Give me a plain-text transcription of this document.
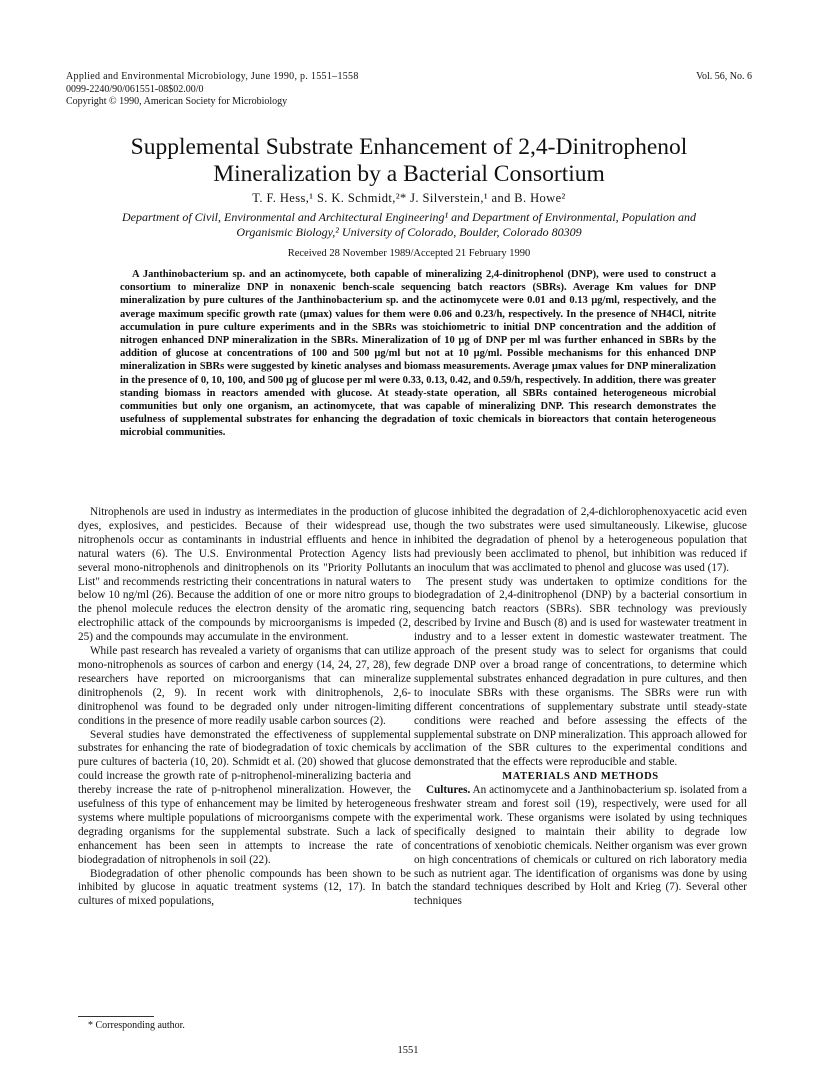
Applied and Environmental Microbiology, June 1990, p. 1551–1558
0099-2240/90/061551-08$02.00/0
Copyright © 1990, American Society for Microbiology
Vol. 56, No. 6
Supplemental Substrate Enhancement of 2,4-Dinitrophenol
Mineralization by a Bacterial Consortium
T. F. Hess,¹ S. K. Schmidt,²* J. Silverstein,¹ and B. Howe²
Department of Civil, Environmental and Architectural Engineering¹ and Department of Environmental, Population and
Organismic Biology,² University of Colorado, Boulder, Colorado 80309
Received 28 November 1989/Accepted 21 February 1990

A Janthinobacterium sp. and an actinomycete, both capable of mineralizing 2,4-dinitrophenol (DNP), were used to construct a consortium to mineralize DNP in nonaxenic bench-scale sequencing batch reactors (SBRs). Average Km values for DNP mineralization by pure cultures of the Janthinobacterium sp. and the actinomycete were 0.01 and 0.13 µg/ml, respectively, and the average maximum specific growth rate (µmax) values for them were 0.06 and 0.23/h, respectively. In the presence of NH4Cl, nitrite accumulation in pure culture experiments and in the SBRs was stoichiometric to initial DNP concentration and the addition of nitrogen enhanced DNP mineralization in the SBRs. Mineralization of 10 µg of DNP per ml was further enhanced in SBRs by the addition of glucose at concentrations of 100 and 500 µg/ml but not at 10 µg/ml. Possible mechanisms for this enhanced DNP mineralization in SBRs were suggested by kinetic analyses and biomass measurements. Average µmax values for DNP mineralization in the presence of 0, 10, 100, and 500 µg of glucose per ml were 0.33, 0.13, 0.42, and 0.59/h, respectively. In addition, there was greater standing biomass in reactors amended with glucose. At steady-state operation, all SBRs contained heterogeneous microbial communities but only one organism, an actinomycete, that was capable of mineralizing DNP. This research demonstrates the usefulness of supplemental substrates for enhancing the degradation of toxic chemicals in bioreactors that contain heterogeneous microbial communities.

Nitrophenols are used in industry as intermediates in the production of dyes, explosives, and pesticides. Because of their widespread use, nitrophenols occur as contaminants in industrial effluents and hence in natural waters (6). The U.S. Environmental Protection Agency lists several mono-nitrophenols and dinitrophenols on its "Priority Pollutants List" and recommends restricting their concentrations in natural waters to below 10 ng/ml (26). Because the addition of one or more nitro groups to the phenol molecule reduces the electron density of the aromatic ring, electrophilic attack of the compounds by microorganisms is impeded (2, 25) and the compounds may accumulate in the environment.

While past research has revealed a variety of organisms that can utilize mono-nitrophenols as sources of carbon and energy (14, 24, 27, 28), few researchers have reported on microorganisms that can mineralize dinitrophenols (2, 9). In recent work with dinitrophenols, 2,6-dinitrophenol was found to be degraded only under nitrogen-limiting conditions in the presence of more readily usable carbon sources (2).

Several studies have demonstrated the effectiveness of supplemental substrates for enhancing the rate of biodegradation of toxic chemicals by pure cultures of bacteria (10, 20). Schmidt et al. (20) showed that glucose could increase the growth rate of p-nitrophenol-mineralizing bacteria and thereby increase the rate of p-nitrophenol mineralization. However, the usefulness of this type of enhancement may be limited by heterogeneous systems where multiple populations of microorganisms compete with the degrading organisms for the supplemental substrate. Such a lack of enhancement has been seen in attempts to increase the rate of biodegradation of nitrophenols in soil (22).

Biodegradation of other phenolic compounds has been shown to be inhibited by glucose in aquatic treatment systems (12, 17). In batch cultures of mixed populations,

glucose inhibited the degradation of 2,4-dichlorophenoxyacetic acid even though the two substrates were used simultaneously. Likewise, glucose inhibited the degradation of phenol by a heterogeneous population that had previously been acclimated to phenol, but inhibition was reduced if an inoculum that was acclimated to phenol and glucose was used (17).

The present study was undertaken to optimize conditions for the biodegradation of 2,4-dinitrophenol (DNP) by a bacterial consortium in sequencing batch reactors (SBRs). SBR technology was previously described by Irvine and Busch (8) and is used for wastewater treatment in industry and to a lesser extent in domestic wastewater treatment. The approach of the present study was to select for organisms that could degrade DNP over a broad range of concentrations, to determine which supplemental substrates enhanced degradation in pure cultures, and then to inoculate SBRs with these organisms. The SBRs were run with different concentrations of supplementary substrate until steady-state conditions were reached and before assessing the effects of the supplemental substrate on DNP mineralization. This approach allowed for acclimation of the SBR cultures to the experimental conditions and demonstrated that the effects were reproducible and stable.

MATERIALS AND METHODS

Cultures. An actinomycete and a Janthinobacterium sp. isolated from a freshwater stream and forest soil (19), respectively, were used for all experimental work. These organisms were isolated by using techniques specifically designed to maintain their ability to degrade low concentrations of xenobiotic chemicals. Neither organism was ever grown on high concentrations of chemicals or cultured on rich laboratory media such as nutrient agar. The identification of organisms was done by using the standard techniques described by Holt and Krieg (7). Several other techniques

* Corresponding author.
1551
